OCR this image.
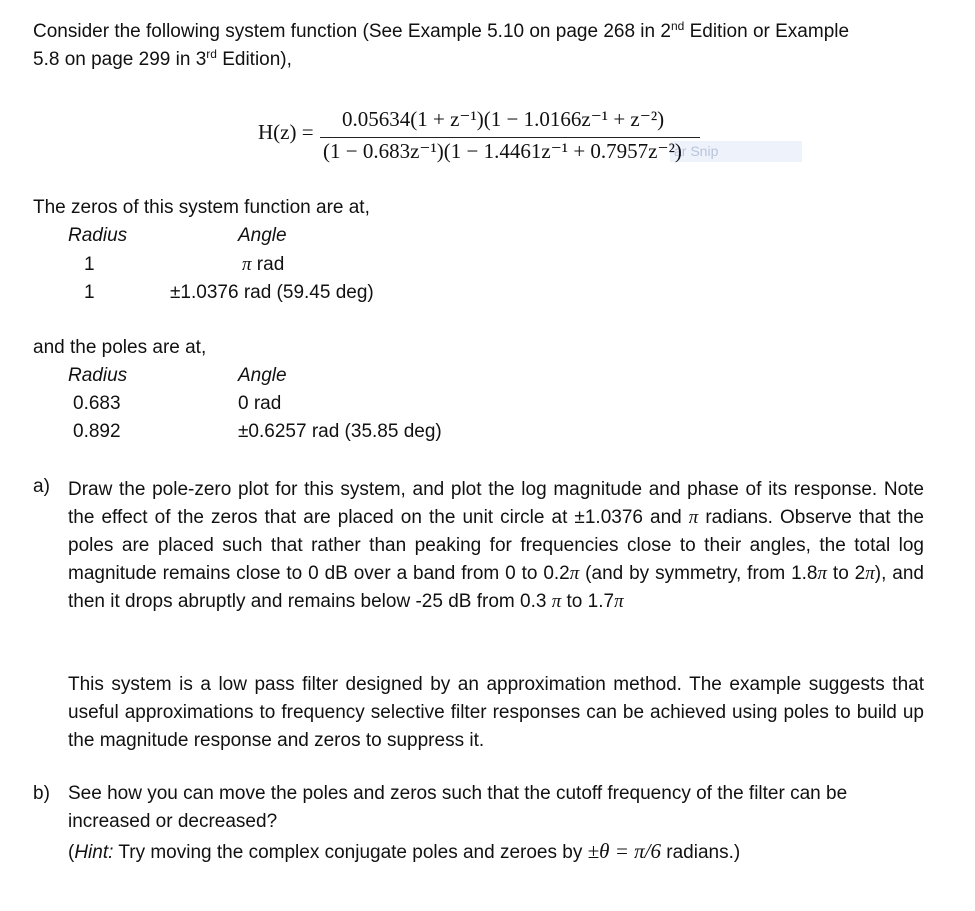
Consider the following system function (See Example 5.10 on page 268 in 2nd Edition or Example
5.8 on page 299 in 3rd Edition),
H(z) =
0.05634(1 + z⁻¹)(1 − 1.0166z⁻¹ + z⁻²)
ar Snip
(1 − 0.683z⁻¹)(1 − 1.4461z⁻¹ + 0.7957z⁻²)
The zeros of this system function are at,
Radius	Angle
1	π rad
1	±1.0376 rad (59.45 deg)
and the poles are at,
Radius	Angle
0.683	0 rad
0.892	±0.6257 rad (35.85 deg)
a) Draw the pole-zero plot for this system, and plot the log magnitude and phase of its response. Note the effect of the zeros that are placed on the unit circle at ±1.0376 and π radians. Observe that the poles are placed such that rather than peaking for frequencies close to their angles, the total log magnitude remains close to 0 dB over a band from 0 to 0.2π (and by symmetry, from 1.8π to 2π), and then it drops abruptly and remains below -25 dB from 0.3 π to 1.7π
This system is a low pass filter designed by an approximation method. The example suggests that useful approximations to frequency selective filter responses can be achieved using poles to build up the magnitude response and zeros to suppress it.
b) See how you can move the poles and zeros such that the cutoff frequency of the filter can be
increased or decreased?
(Hint: Try moving the complex conjugate poles and zeroes by ±θ = π/6 radians.)
